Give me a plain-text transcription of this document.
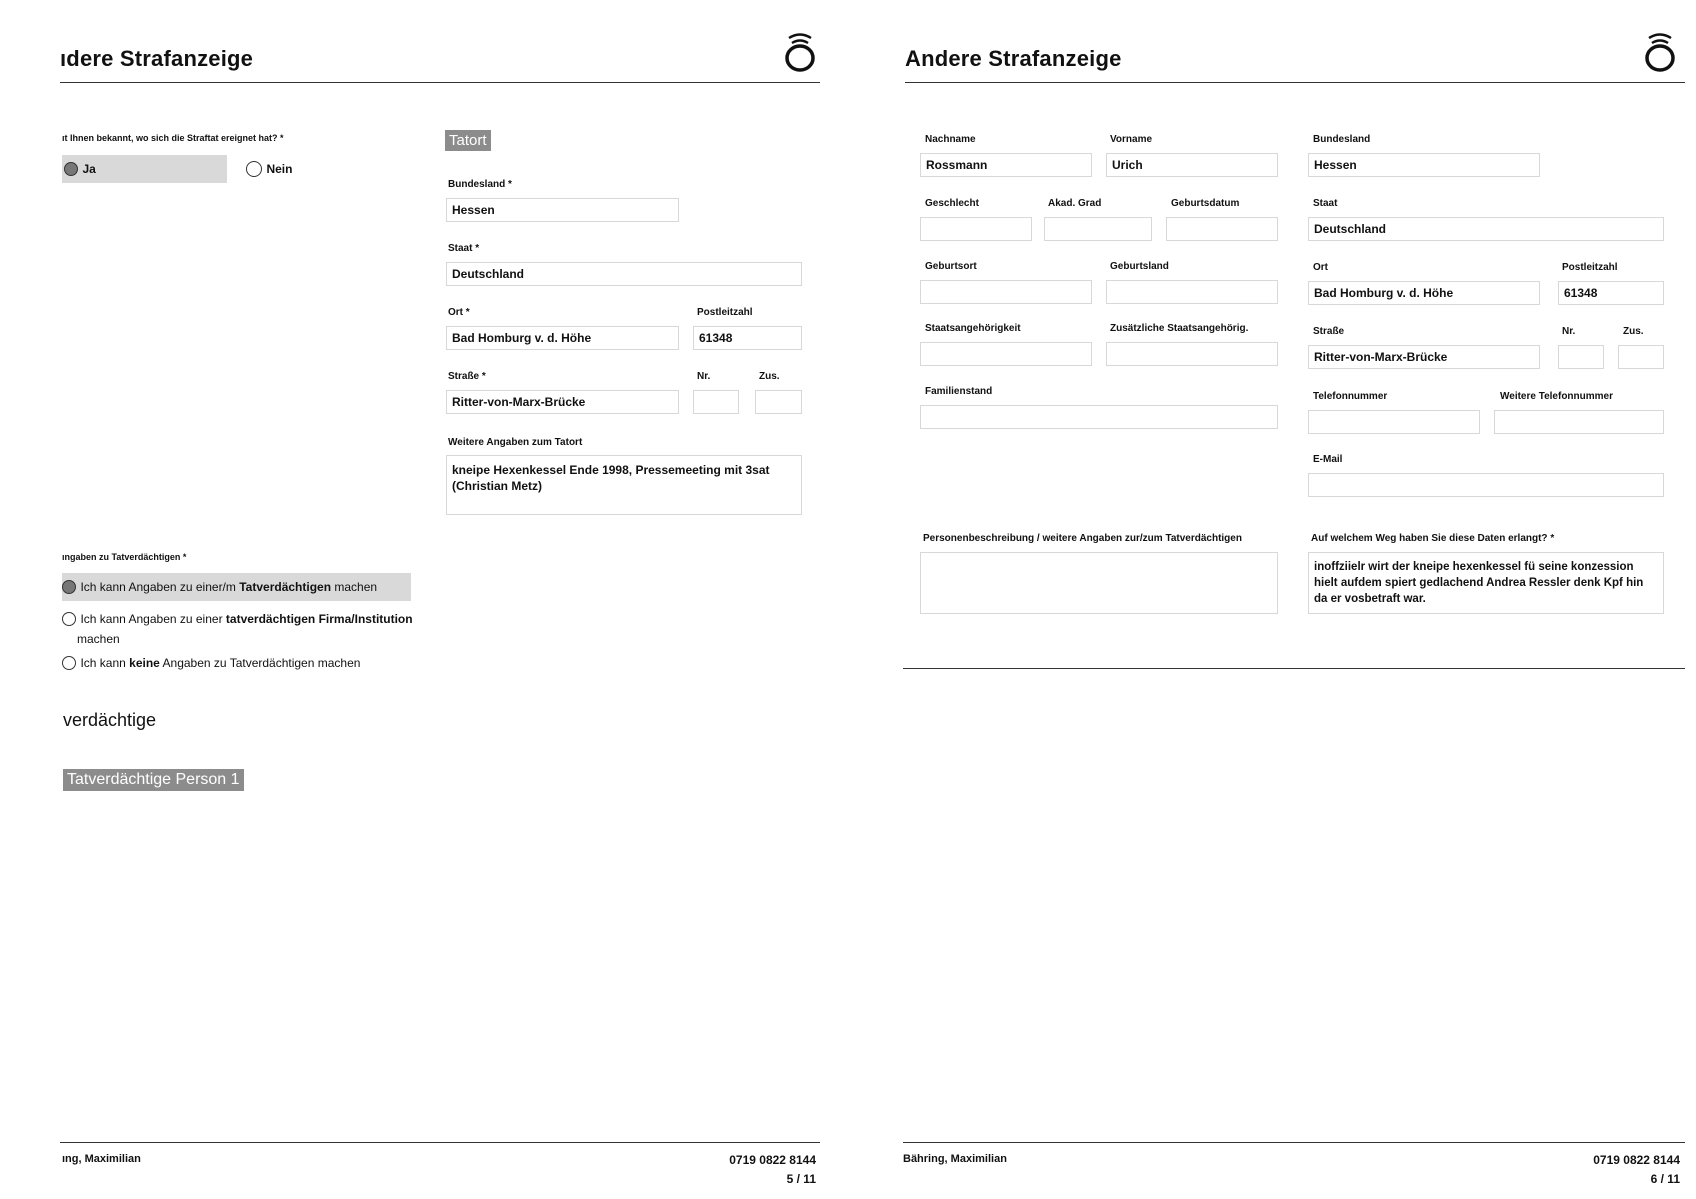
ıdere Strafanzeige
ıt Ihnen bekannt, wo sich die Straftat ereignet hat? *
Ja	Nein
ıngaben zu Tatverdächtigen *
Ich kann Angaben zu einer/m Tatverdächtigen machen
Ich kann Angaben zu einer tatverdächtigen Firma/Institution
machen
Ich kann keine Angaben zu Tatverdächtigen machen
verdächtige
Tatverdächtige Person 1
Tatort
Bundesland *
Hessen
Staat *
Deutschland
Ort *	Postleitzahl
Bad Homburg v. d. Höhe	61348
Straße *	Nr.	Zus.
Ritter-von-Marx-Brücke
Weitere Angaben zum Tatort
kneipe Hexenkessel Ende 1998, Pressemeeting mit 3sat (Christian Metz)
ıng, Maximilian	0719 0822 8144
5 / 11
Andere Strafanzeige
Nachname	Vorname
Rossmann	Urich
Geschlecht	Akad. Grad	Geburtsdatum
Geburtsort	Geburtsland
Staatsangehörigkeit	Zusätzliche Staatsangehörig.
Familienstand
Personenbeschreibung / weitere Angaben zur/zum Tatverdächtigen
Bundesland
Hessen
Staat
Deutschland
Ort	Postleitzahl
Bad Homburg v. d. Höhe	61348
Straße	Nr.	Zus.
Ritter-von-Marx-Brücke
Telefonnummer	Weitere Telefonnummer
E-Mail
Auf welchem Weg haben Sie diese Daten erlangt? *
inoffziielr wirt der kneipe hexenkessel fü seine konzession hielt aufdem spiert gedlachend Andrea Ressler denk Kpf hin da er vosbetraft war.
Bähring, Maximilian	0719 0822 8144
6 / 11
